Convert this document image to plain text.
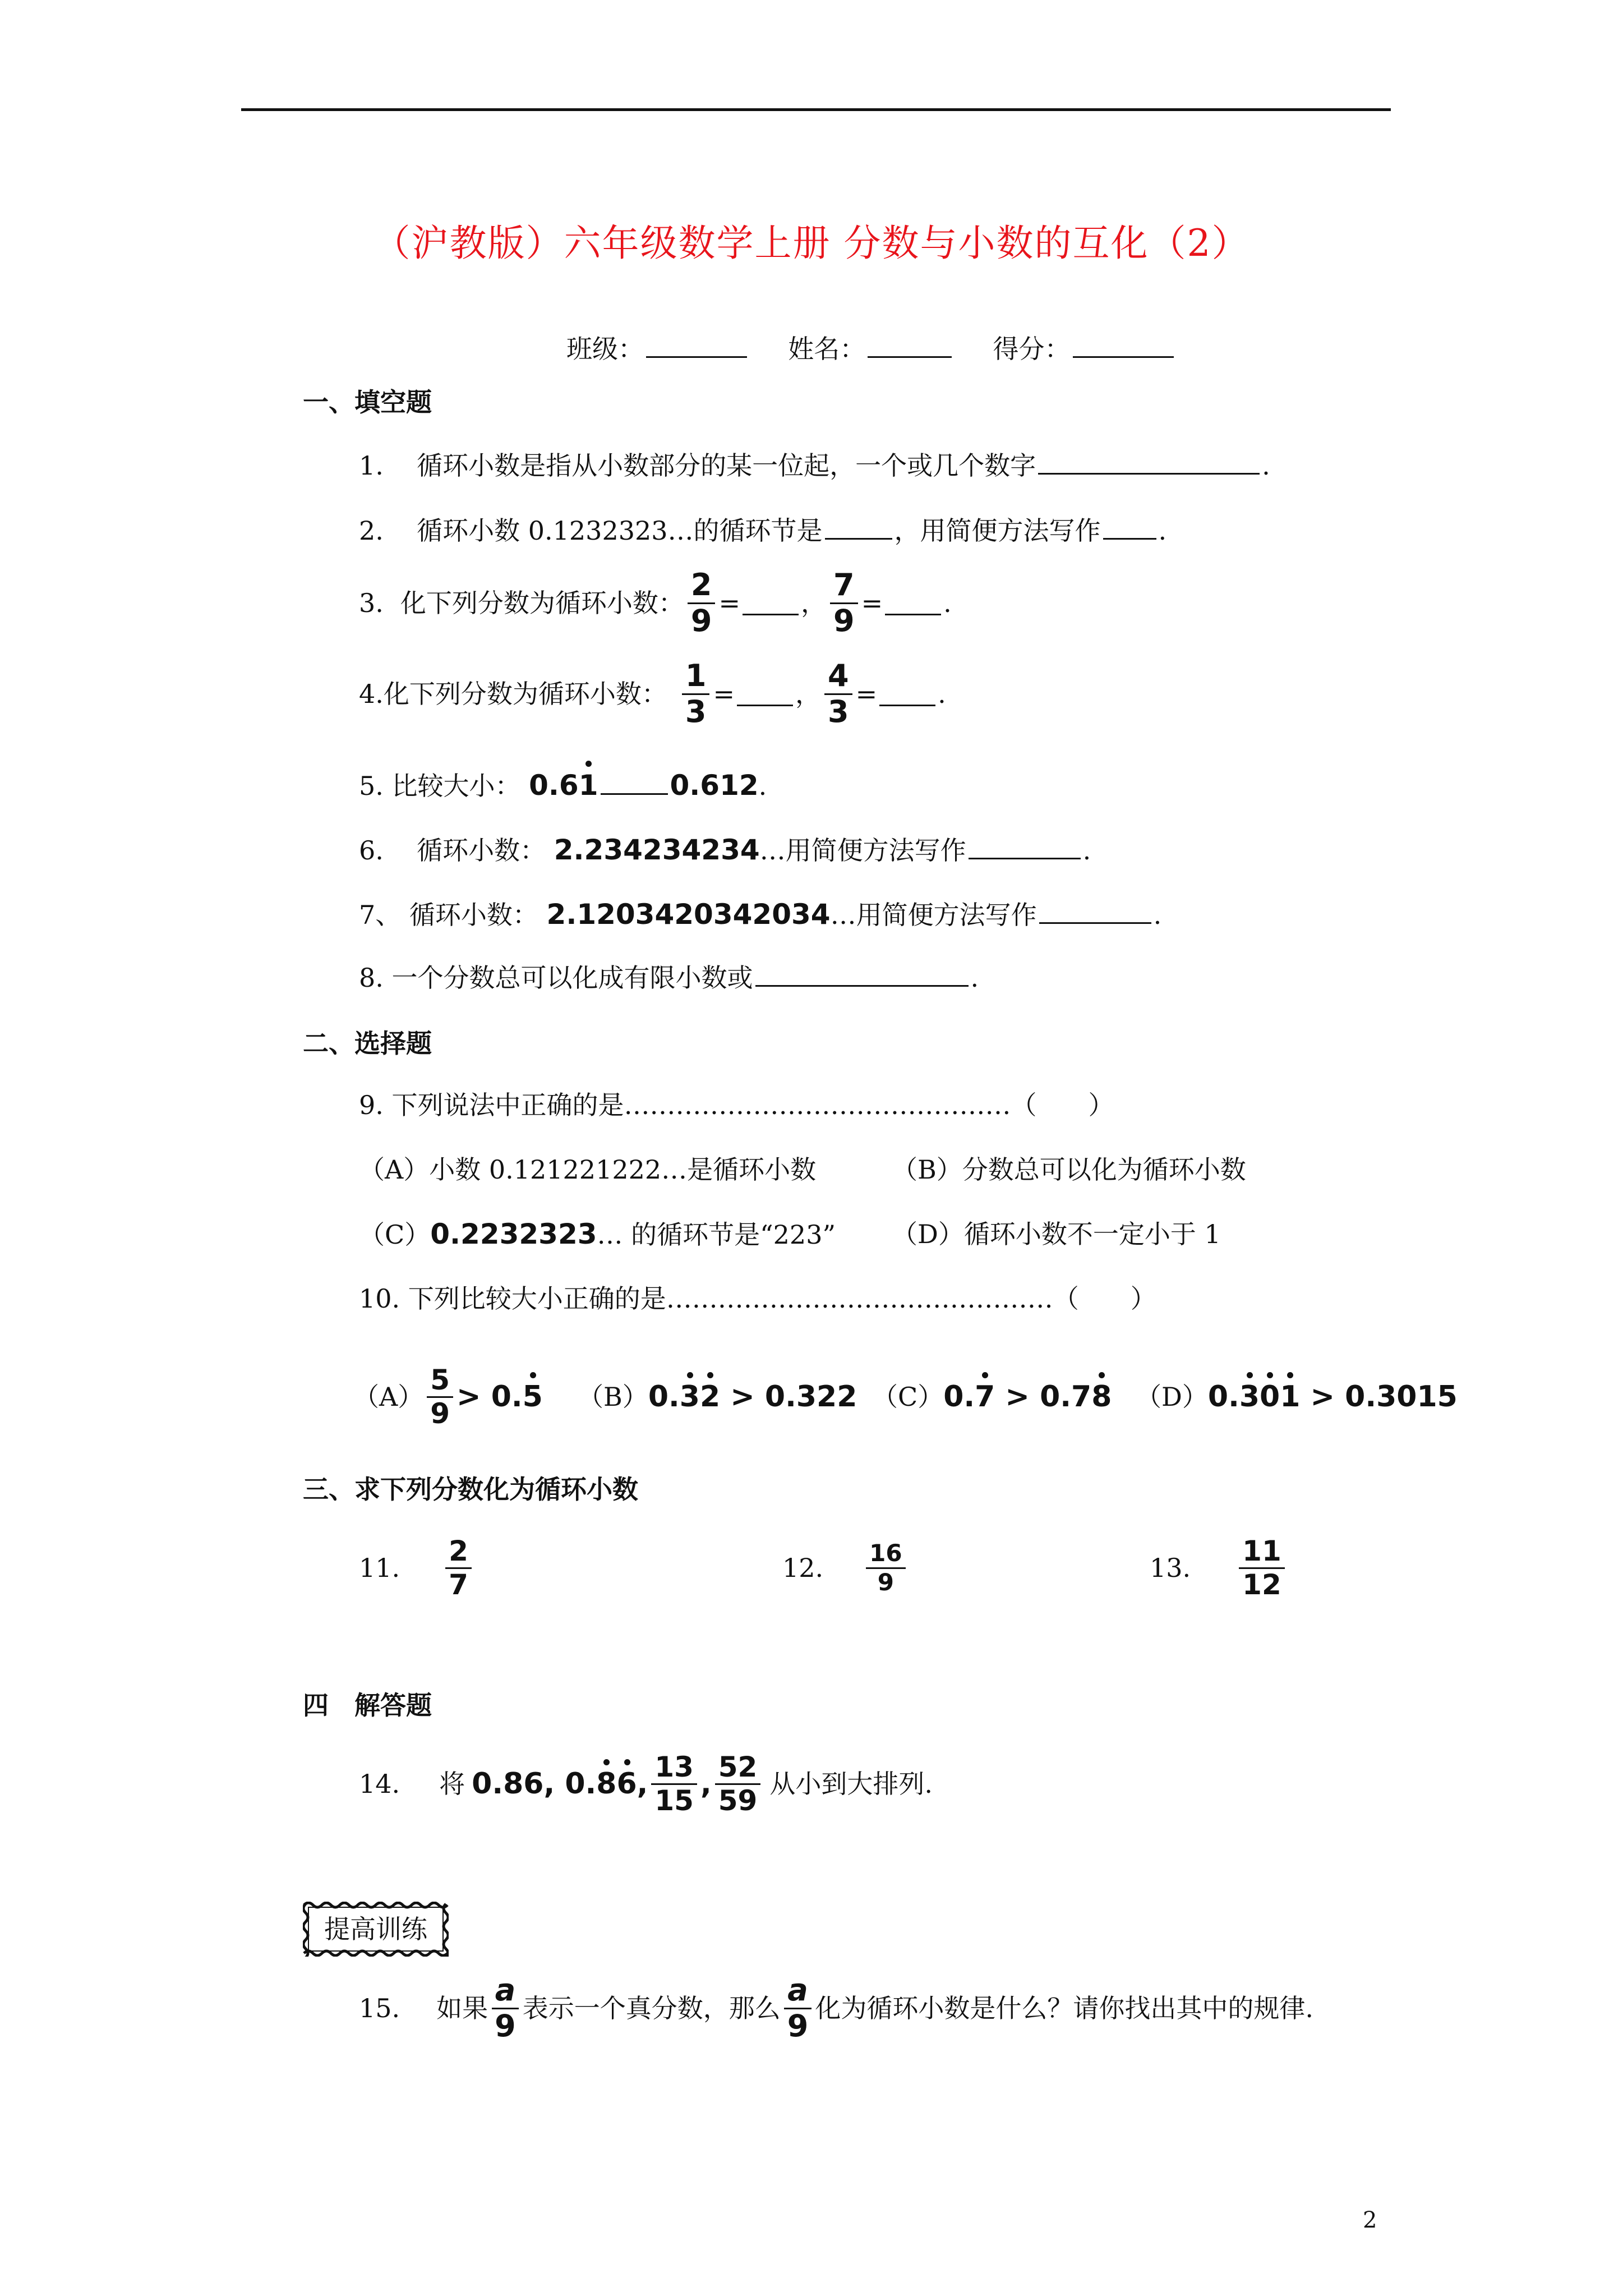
（沪教版）六年级数学上册 分数与小数的互化（2）
班级：	姓名：	得分：
一、填空题
1. 循环小数是指从小数部分的某一位起，一个或几个数字	.
2. 循环小数 0.1232323…的循环节是	，用简便方法写作 .
3. 化下列分数为循环小数： $\frac{2}{9}$ = ， $\frac{7}{9}$ = .
4. 化下列分数为循环小数： $\frac{1}{3}$ = ， $\frac{4}{3}$ = .
5. 比较大小： 0.61	0.612.
6. 循环小数： 2.234234234…用简便方法写作	.
7、 循环小数： 2.1203420342034…用简便方法写作	.
8. 一个分数总可以化成有限小数或	.
二、选择题
9. 下列说法中正确的是………………………………………（　　）
（A）小数 0.121221222…是循环小数	（B）分数总可以化为循环小数
（C）0.2232323… 的循环节是“223” （D）循环小数不一定小于 1
10. 下列比较大小正确的是………………………………………（　　）
$(A) \frac{5}{9} > 0.5$ （B） 0.32 > 0.322 （C） 0.7 > 0.78 （D） 0.301 > 0.3015
三、求下列分数化为循环小数
11. $\frac{2}{7}$	12. $\frac{16}{9}$	13. $\frac{11}{12}$
四　解答题
14. 将 0.86, 0.86, $\frac{13}{15}$ , $\frac{52}{59}$ 从小到大排列.
提高训练
15. 如果 $\frac{a}{9}$ 表示一个真分数，那么 $\frac{a}{9}$ 化为循环小数是什么？请你找出其中的规律.
2
